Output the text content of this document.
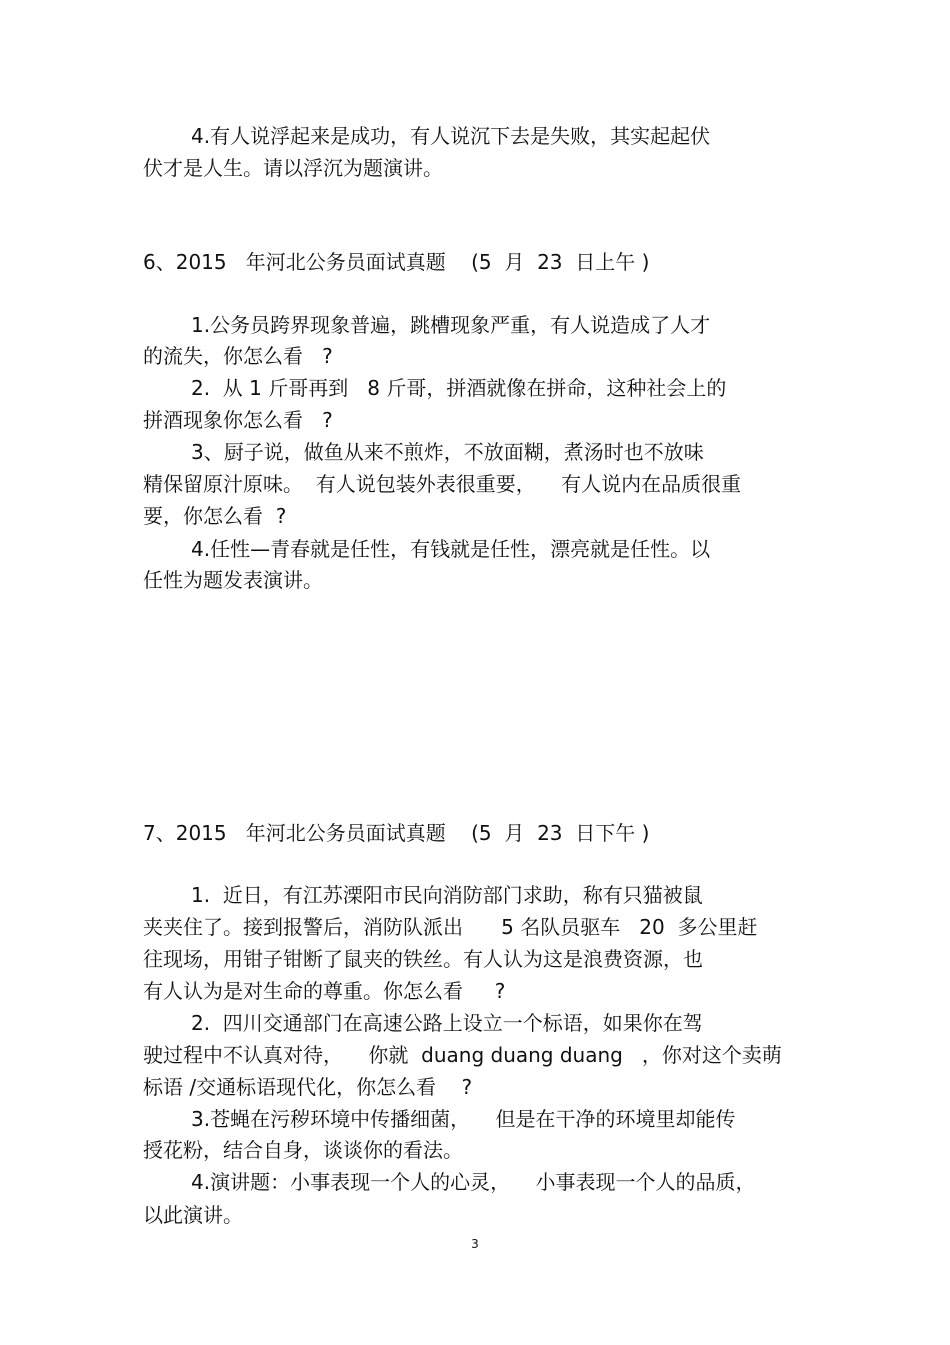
4.有人说浮起来是成功，有人说沉下去是失败，其实起起伏
伏才是人生。请以浮沉为题演讲。
6、2015   年河北公务员面试真题    (5  月  23  日上午 )
1.公务员跨界现象普遍，跳槽现象严重，有人说造成了人才
的流失，你怎么看   ?
2.  从 1 斤哥再到   8 斤哥，拼酒就像在拼命，这种社会上的
拼酒现象你怎么看   ?
3、厨子说，做鱼从来不煎炸，不放面糊，煮汤时也不放味
精保留原汁原味。  有人说包装外表很重要，    有人说内在品质很重
要，你怎么看  ?
4.任性—青春就是任性，有钱就是任性，漂亮就是任性。以
任性为题发表演讲。
7、2015   年河北公务员面试真题    (5  月  23  日下午 )
1.  近日，有江苏溧阳市民向消防部门求助，称有只猫被鼠
夹夹住了。接到报警后，消防队派出      5 名队员驱车   20  多公里赶
往现场，用钳子钳断了鼠夹的铁丝。有人认为这是浪费资源，也
有人认为是对生命的尊重。你怎么看     ?
2.  四川交通部门在高速公路上设立一个标语，如果你在驾
驶过程中不认真对待，    你就  duang duang duang   ，你对这个卖萌
标语 /交通标语现代化，你怎么看    ?
3.苍蝇在污秽环境中传播细菌，    但是在干净的环境里却能传
授花粉，结合自身，谈谈你的看法。
4.演讲题：小事表现一个人的心灵，    小事表现一个人的品质，
以此演讲。
3
